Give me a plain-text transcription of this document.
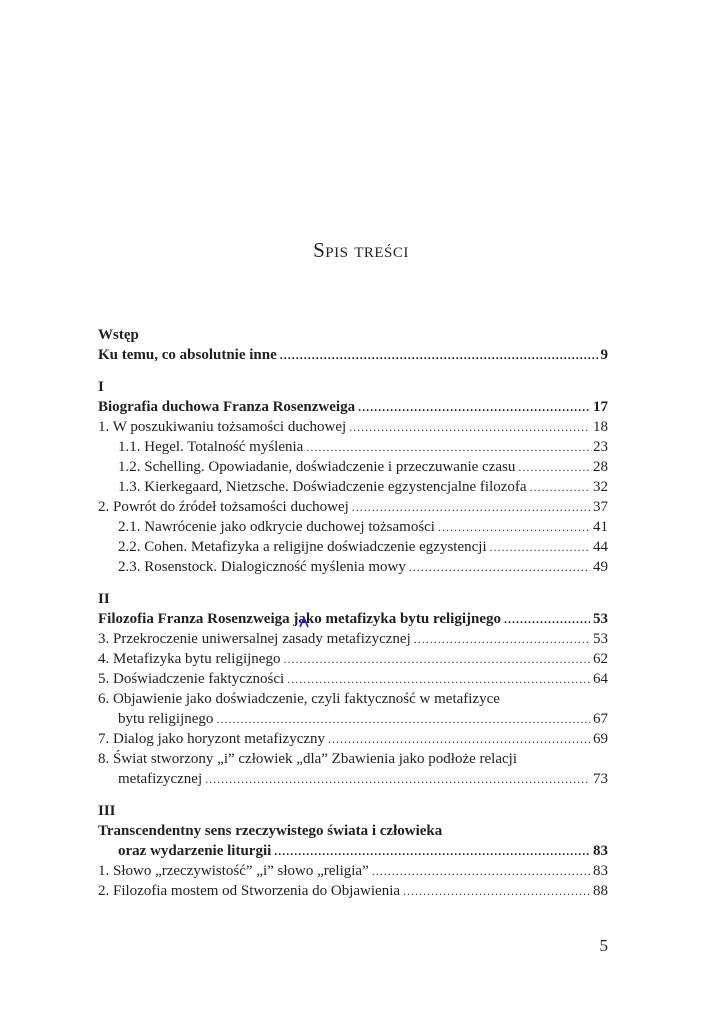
Spis treści
Wstęp
Ku temu, co absolutnie inne .....	9
I
Biografia duchowa Franza Rosenzweiga .....	17
1. W poszukiwaniu tożsamości duchowej .....	18
1.1. Hegel. Totalność myślenia .....	23
1.2. Schelling. Opowiadanie, doświadczenie i przeczuwanie czasu .....	28
1.3. Kierkegaard, Nietzsche. Doświadczenie egzystencjalne filozofa .....	32
2. Powrót do źródeł tożsamości duchowej .....	37
2.1. Nawrócenie jako odkrycie duchowej tożsamości .....	41
2.2. Cohen. Metafizyka a religijne doświadczenie egzystencji .....	44
2.3. Rosenstock. Dialogiczność myślenia mowy .....	49
II
Filozofia Franza Rosenzweiga jako metafizyka bytu religijnego .....	53
3. Przekroczenie uniwersalnej zasady metafizycznej .....	53
4. Metafizyka bytu religijnego .....	62
5. Doświadczenie faktyczności .....	64
6. Objawienie jako doświadczenie, czyli faktyczność w metafizyce
bytu religijnego .....	67
7. Dialog jako horyzont metafizyczny .....	69
8. Świat stworzony „i” człowiek „dla” Zbawienia jako podłoże relacji
metafizycznej .....	73
III
Transcendentny sens rzeczywistego świata i człowieka
oraz wydarzenie liturgii .....	83
1. Słowo „rzeczywistość” „i” słowo „religia” .....	83
2. Filozofia mostem od Stworzenia do Objawienia .....	88
5
